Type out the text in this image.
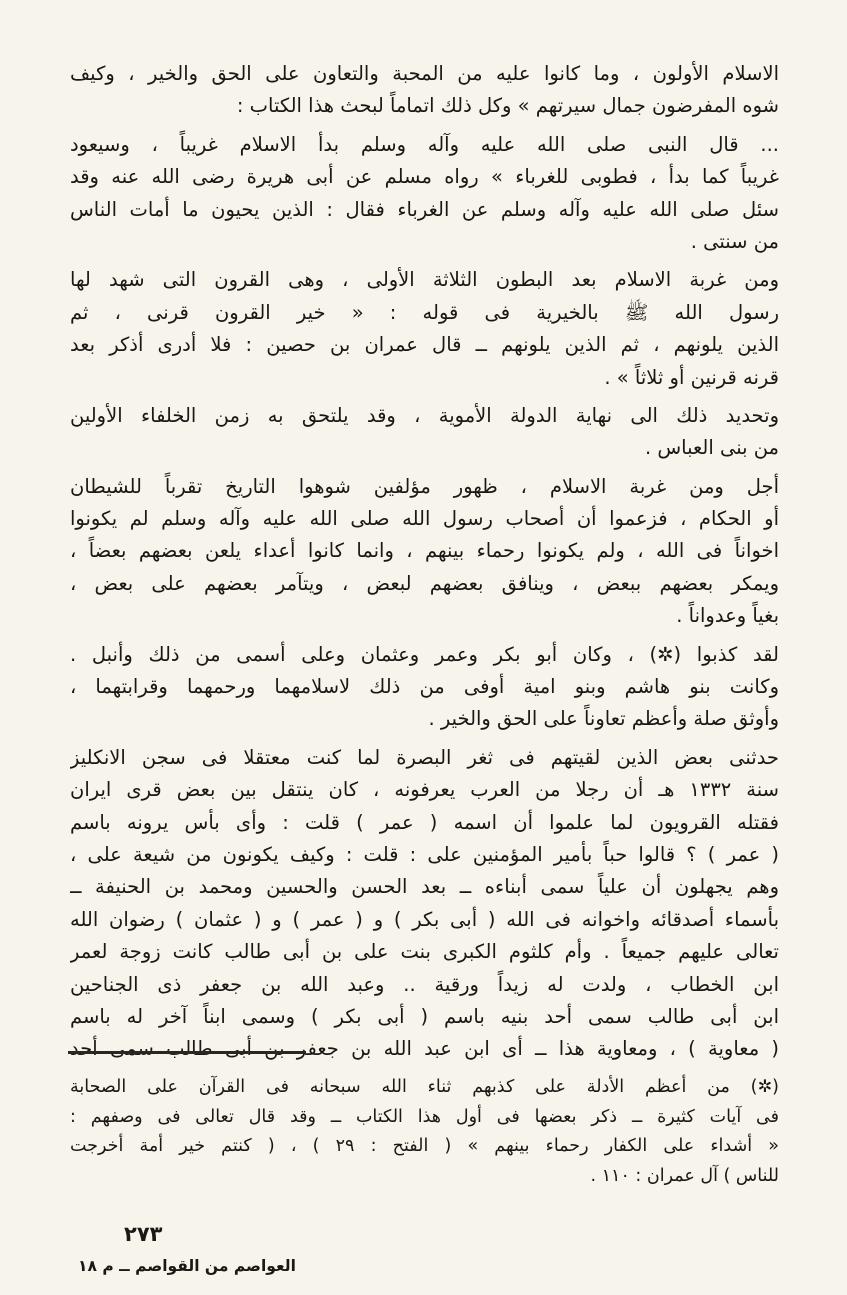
الاسلام الأولون ، وما كانوا عليه من المحبة والتعاون على الحق والخير ، وكيف
شوه المفرضون جمال سيرتهم » وكل ذلك اتماماً لبحث هذا الكتاب :
... قال النبى صلى الله عليه وآله وسلم بدأ الاسلام غريباً ، وسيعود
غريباً كما بدأ ، فطوبى للغرباء » رواه مسلم عن أبى هريرة رضى الله عنه وقد
سئل صلى الله عليه وآله وسلم عن الغرباء فقال : الذين يحيون ما أمات الناس
من سنتى .
ومن غربة الاسلام بعد البطون الثلاثة الأولى ، وهى القرون التى شهد لها
رسول الله ﷺ بالخيرية فى قوله : « خير القرون قرنى ، ثم
الذين يلونهم ، ثم الذين يلونهم ــ قال عمران بن حصين : فلا أدرى أذكر بعد
قرنه قرنين أو ثلاثاً » .
وتحديد ذلك الى نهاية الدولة الأموية ، وقد يلتحق به زمن الخلفاء الأولين
من بنى العباس .
أجل ومن غربة الاسلام ، ظهور مؤلفين شوهوا التاريخ تقرباً للشيطان
أو الحكام ، فزعموا أن أصحاب رسول الله صلى الله عليه وآله وسلم لم يكونوا
اخواناً فى الله ، ولم يكونوا رحماء بينهم ، وانما كانوا أعداء يلعن بعضهم بعضاً ،
ويمكر بعضهم ببعض ، وينافق بعضهم لبعض ، ويتآمر بعضهم على بعض ،
بغياً وعدواناً .
لقد كذبوا (✲) ، وكان أبو بكر وعمر وعثمان وعلى أسمى من ذلك وأنبل .
وكانت بنو هاشم وبنو امية أوفى من ذلك لاسلامهما ورحمهما وقرابتهما ،
وأوثق صلة وأعظم تعاوناً على الحق والخير .
حدثنى بعض الذين لقيتهم فى ثغر البصرة لما كنت معتقلا فى سجن الانكليز
سنة ١٣٣٢ هـ أن رجلا من العرب يعرفونه ، كان ينتقل بين بعض قرى ايران
فقتله القرويون لما علموا أن اسمه ( عمر ) قلت : وأى بأس يرونه باسم
( عمر ) ؟ قالوا حباً بأمير المؤمنين على : قلت : وكيف يكونون من شيعة على ،
وهم يجهلون أن علياً سمى أبناءه ــ بعد الحسن والحسين ومحمد بن الحنيفة ــ
بأسماء أصدقائه واخوانه فى الله ( أبى بكر ) و ( عمر ) و ( عثمان ) رضوان الله
تعالى عليهم جميعاً . وأم كلثوم الكبرى بنت على بن أبى طالب كانت زوجة لعمر
ابن الخطاب ، ولدت له زيداً ورقية .. وعبد الله بن جعفر ذى الجناحين
ابن أبى طالب سمى أحد بنيه باسم ( أبى بكر ) وسمى ابناً آخر له باسم
( معاوية ) ، ومعاوية هذا ــ أى ابن عبد الله بن جعفر بن أبى طالب سمى أحد
(✲) من أعظم الأدلة على كذبهم ثناء الله سبحانه فى القرآن على الصحابة
فى آيات كثيرة ــ ذكر بعضها فى أول هذا الكتاب ــ وقد قال تعالى فى وصفهم :
« أشداء على الكفار رحماء بينهم » ( الفتح : ٢٩ ) ، ( كنتم خير أمة أخرجت
للناس ) آل عمران : ١١٠ .
٢٧٣
العواصم من القواصم ــ م ١٨
